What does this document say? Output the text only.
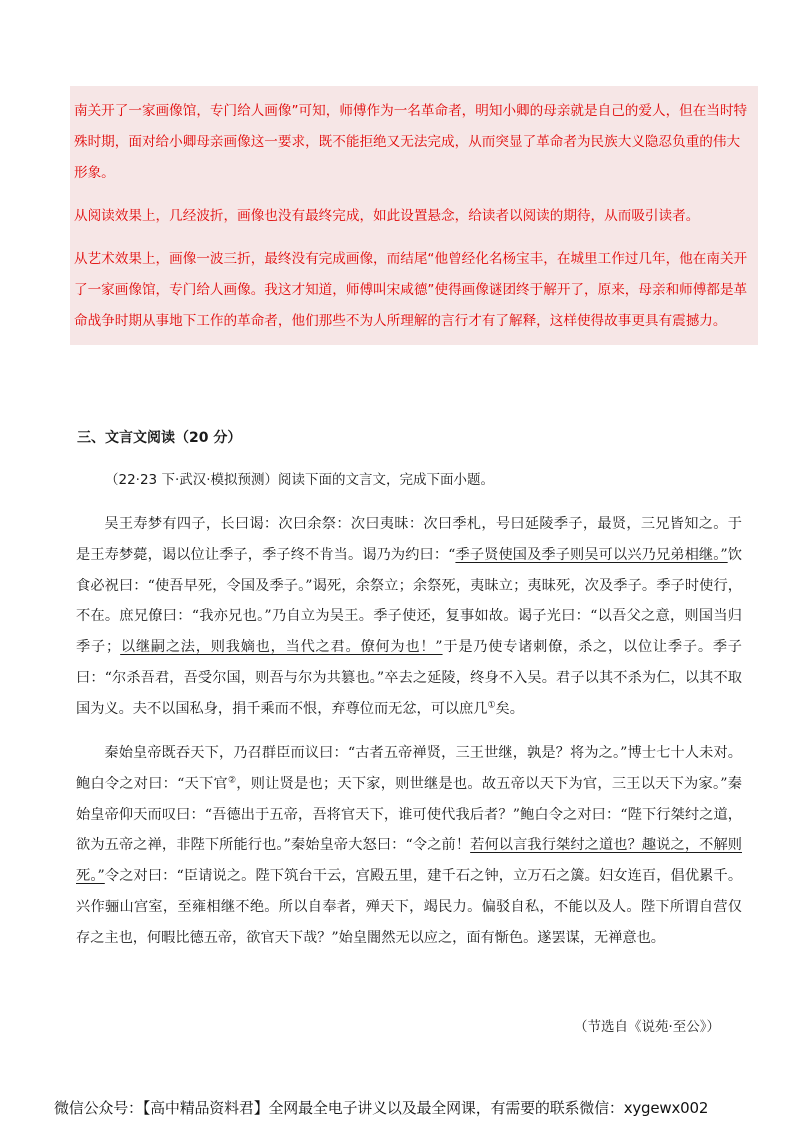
南关开了一家画像馆，专门给人画像”可知，师傅作为一名革命者，明知小卿的母亲就是自己的爱人，但在当时特殊时期，面对给小卿母亲画像这一要求，既不能拒绝又无法完成，从而突显了革命者为民族大义隐忍负重的伟大形象。

从阅读效果上，几经波折，画像也没有最终完成，如此设置悬念，给读者以阅读的期待，从而吸引读者。

从艺术效果上，画像一波三折，最终没有完成画像，而结尾“他曾经化名杨宝丰，在城里工作过几年，他在南关开了一家画像馆，专门给人画像。我这才知道，师傅叫宋咸德”使得画像谜团终于解开了，原来，母亲和师傅都是革命战争时期从事地下工作的革命者，他们那些不为人所理解的言行才有了解释，这样使得故事更具有震撼力。

三、文言文阅读（20 分）
（22·23 下·武汉·模拟预测）阅读下面的文言文，完成下面小题。

吴王寿梦有四子，长曰谒：次曰余祭：次曰夷昧：次曰季札，号曰延陵季子，最贤，三兄皆知之。于是王寿梦薨，谒以位让季子，季子终不肯当。谒乃为约曰：“季子贤使国及季子则吴可以兴乃兄弟相继。”饮食必祝曰：“使吾早死，令国及季子。”谒死，余祭立；余祭死，夷昧立；夷昧死，次及季子。季子时使行，不在。庶兄僚曰：“我亦兄也。”乃自立为吴王。季子使还，复事如故。谒子光曰：“以吾父之意，则国当归季子；以继嗣之法，则我嫡也，当代之君。僚何为也！”于是乃使专诸刺僚，杀之，以位让季子。季子曰：“尔杀吾君，吾受尔国，则吾与尔为共篡也。”卒去之延陵，终身不入吴。君子以其不杀为仁，以其不取国为义。夫不以国私身，捐千乘而不恨，弃尊位而无忿，可以庶几①矣。

秦始皇帝既吞天下，乃召群臣而议曰：“古者五帝禅贤，三王世继，孰是？将为之。”博士七十人未对。鲍白令之对曰：“天下官②，则让贤是也；天下家，则世继是也。故五帝以天下为官，三王以天下为家。”秦始皇帝仰天而叹曰：“吾德出于五帝，吾将官天下，谁可使代我后者？”鲍白令之对曰：“陛下行桀纣之道，欲为五帝之禅，非陛下所能行也。”秦始皇帝大怒曰：“令之前！若何以言我行桀纣之道也？趣说之，不解则死。”令之对曰：“臣请说之。陛下筑台干云，宫殿五里，建千石之钟，立万石之簴。妇女连百，倡优累千。兴作骊山宫室，至雍相继不绝。所以自奉者，殚天下，竭民力。偏驳自私，不能以及人。陛下所谓自营仅存之主也，何暇比德五帝，欲官天下哉？”始皇闇然无以应之，面有惭色。遂罢谋，无禅意也。

（节选自《说苑·至公》）
微信公众号：【高中精品资料君】全网最全电子讲义以及最全网课，有需要的联系微信：xygewx002
